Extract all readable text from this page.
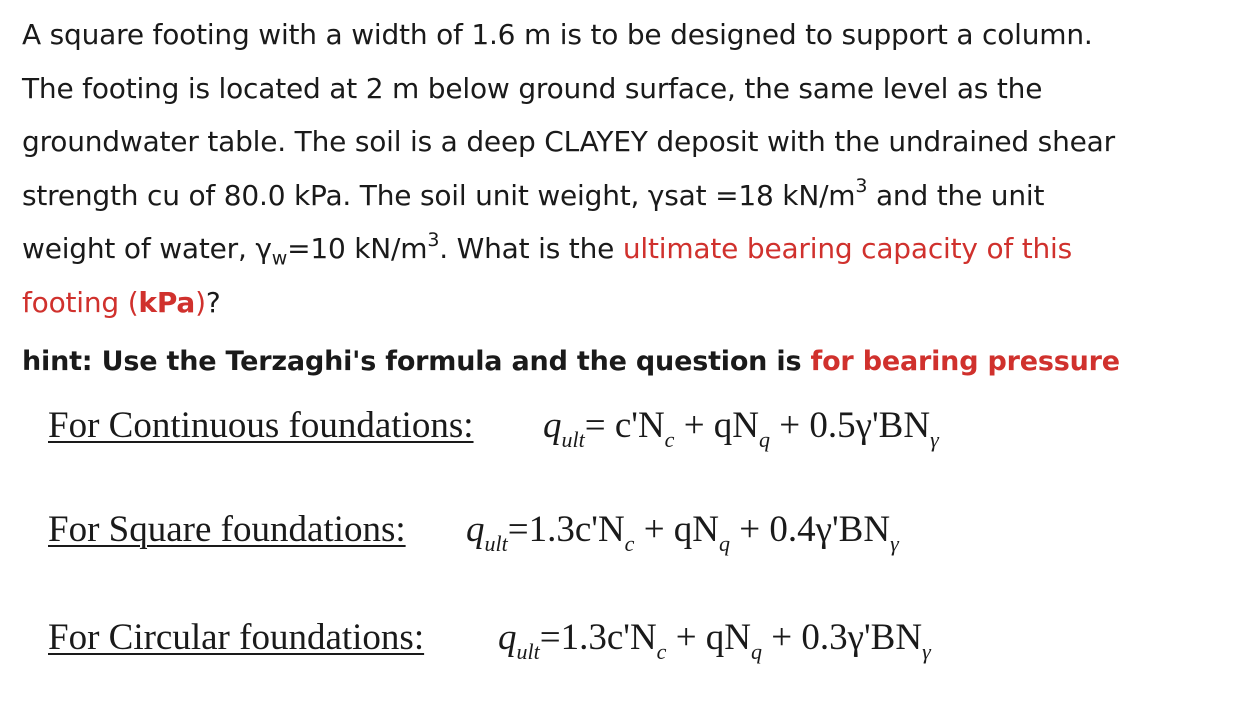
A square footing with a width of 1.6 m is to be designed to support a column.
The footing is located at 2 m below ground surface, the same level as the
groundwater table. The soil is a deep CLAYEY deposit with the undrained shear
strength cu of 80.0 kPa. The soil unit weight, γsat =18 $kN/m^3$ and the unit
weight of water, $\gamma_w=10$ $kN/m^3$. What is the ultimate bearing capacity of this
footing (kPa)?
hint: Use the Terzaghi's formula and the question is for bearing pressure
For Continuous foundations: $q_{ult}= c'N_c + qN_q + 0.5\gamma'BN_\gamma$
For Square foundations: $q_{ult}=1.3c'N_c + qN_q + 0.4\gamma'BN_\gamma$
For Circular foundations: $q_{ult}=1.3c'N_c + qN_q + 0.3\gamma'BN_\gamma$
